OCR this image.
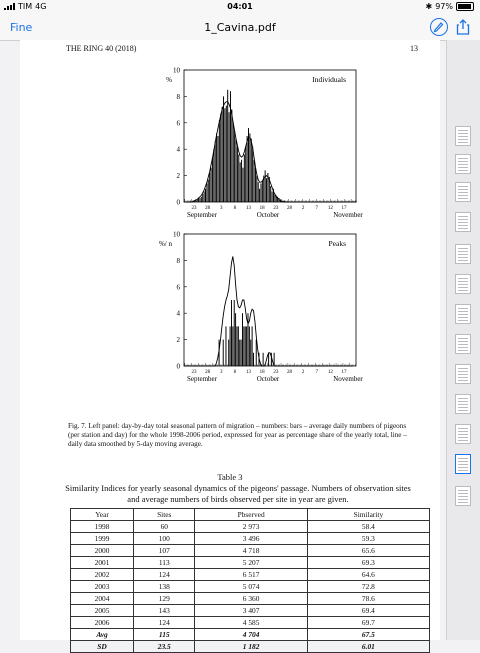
TIM 4G	04:01	✱ 97%
Fine	1_Cavina.pdf
THE RING 40 (2018)	13
%	Individuals
0
2
4
6
8
10
23 28 3 8 13 18 23 28 2 7 12 17
September	October	November
%/ n	Peaks
0
2
4
6
8
10
23 28 3 8 13 18 23 28 2 7 12 17
September	October	November
Fig. 7. Left panel: day-by-day total seasonal pattern of migration – numbers: bars – average daily numbers of pigeons (per station and day) for the whole 1998-2006 period, expressed for year as percentage share of the yearly total, line – daily data smoothed by 5-day moving average.
Table 3
Similarity Indices for yearly seasonal dynamics of the pigeons' passage. Numbers of observation sites and average numbers of birds observed per site in year are given.
Year	Sites	Pbserved	Similarity
1998	60	2 973	58.4
1999	100	3 496	59.3
2000	107	4 718	65.6
2001	113	5 207	69.3
2002	124	6 517	64.6
2003	138	5 074	72.8
2004	129	6 360	78.6
2005	143	3 407	69.4
2006	124	4 585	69.7
Avg	115	4 704	67.5
SD	23.5	1 182	6.01
